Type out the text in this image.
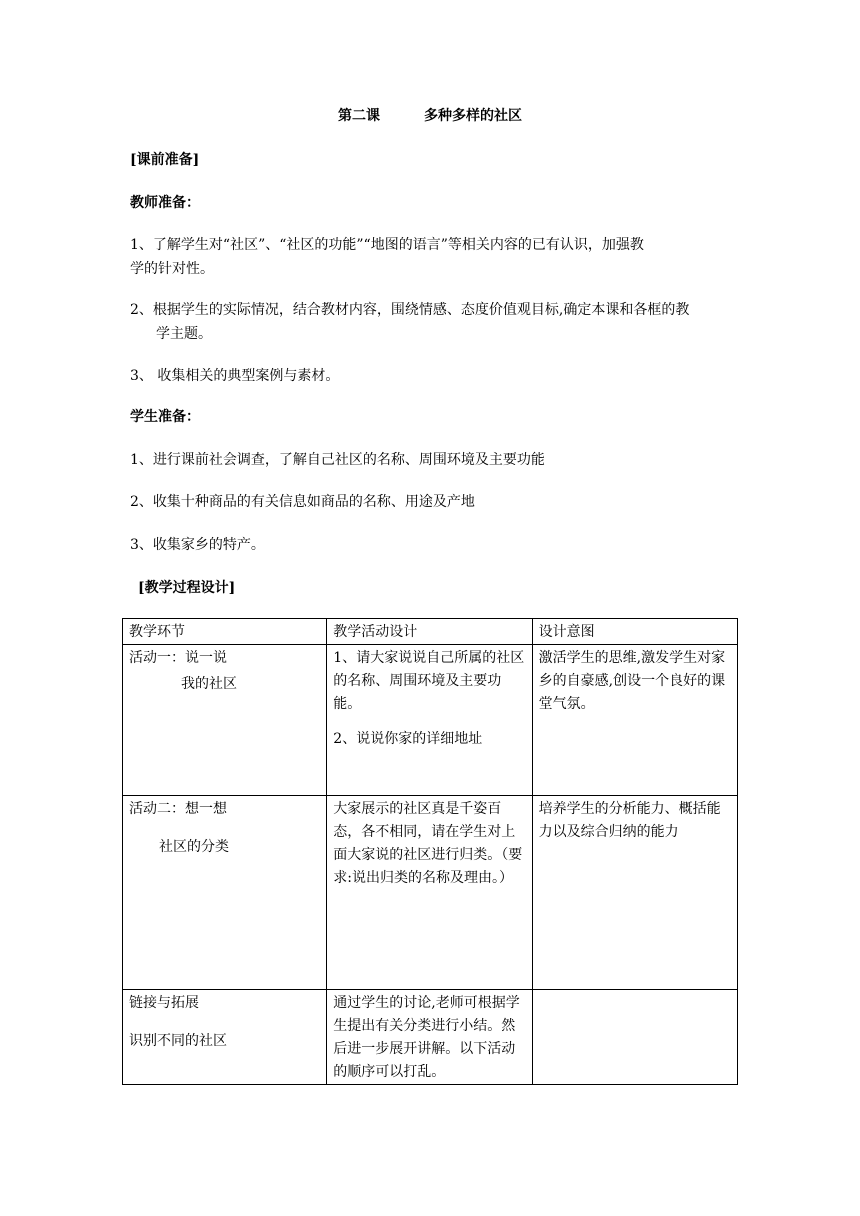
第二课	多种多样的社区
[课前准备]
教师准备：
1、了解学生对“社区”、“社区的功能”“地图的语言”等相关内容的已有认识，加强教
学的针对性。
2、根据学生的实际情况，结合教材内容，围绕情感、态度价值观目标,确定本课和各框的教
学主题。
3、 收集相关的典型案例与素材。
学生准备：
1、进行课前社会调查，了解自己社区的名称、周围环境及主要功能
2、收集十种商品的有关信息如商品的名称、用途及产地
3、收集家乡的特产。
[教学过程设计]
教学环节	教学活动设计	设计意图

活动一：说一说
我的社区	1、请大家说说自己所属的社区的名称、周围环境及主要功能。
2、说说你家的详细地址	激活学生的思维,激发学生对家乡的自豪感,创设一个良好的课堂气氛。

活动二：想一想
社区的分类	大家展示的社区真是千姿百态，各不相同，请在学生对上面大家说的社区进行归类。（要求:说出归类的名称及理由。）	培养学生的分析能力、概括能力以及综合归纳的能力

链接与拓展
识别不同的社区	通过学生的讨论,老师可根据学生提出有关分类进行小结。然后进一步展开讲解。以下活动的顺序可以打乱。	
